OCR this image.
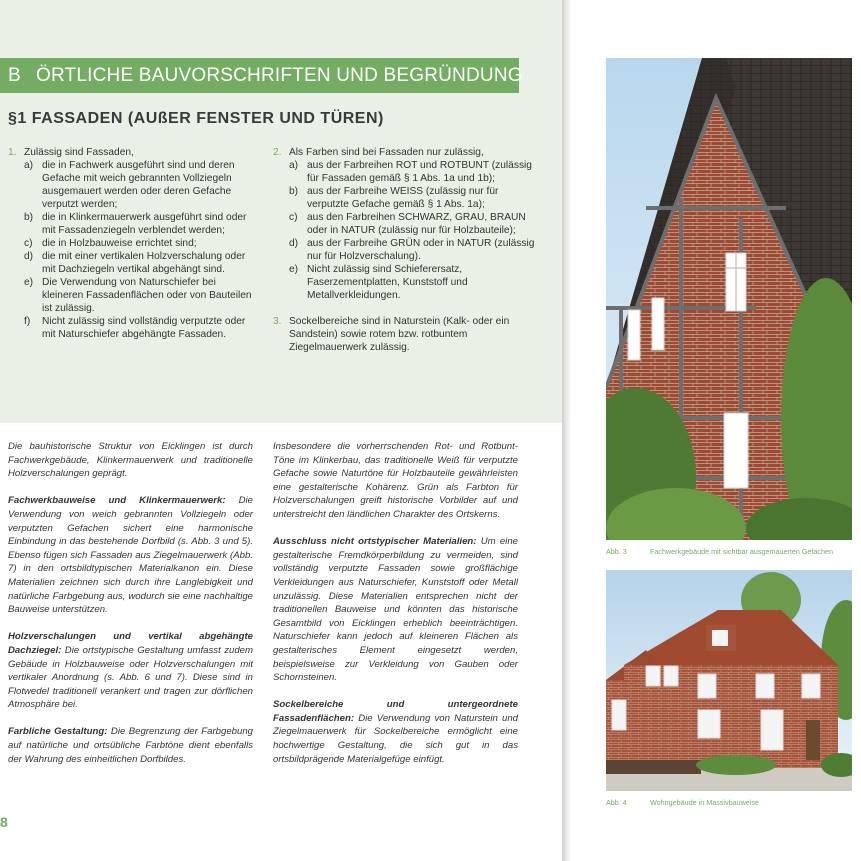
B ÖRTLICHE BAUVORSCHRIFTEN UND BEGRÜNDUNG
§1 FASSADEN (AUßER FENSTER UND TÜREN)
1. Zulässig sind Fassaden,
a) die in Fachwerk ausgeführt sind und deren Gefache mit weich gebrannten Vollziegeln ausgemauert werden oder deren Gefache verputzt werden;
b) die in Klinkermauerwerk ausgeführt sind oder mit Fassadenziegeln verblendet werden;
c) die in Holzbauweise errichtet sind;
d) die mit einer vertikalen Holzverschalung oder mit Dachziegeln vertikal abgehängt sind.
e) Die Verwendung von Naturschiefer bei kleineren Fassadenflächen oder von Bauteilen ist zulässig.
f) Nicht zulässig sind vollständig verputzte oder mit Naturschiefer abgehängte Fassaden.
2. Als Farben sind bei Fassaden nur zulässig,
a) aus der Farbreihen ROT und ROTBUNT (zulässig für Fassaden gemäß § 1 Abs. 1a und 1b);
b) aus der Farbreihe WEISS (zulässig nur für verputzte Gefache gemäß § 1 Abs. 1a);
c) aus den Farbreihen SCHWARZ, GRAU, BRAUN oder in NATUR (zulässig nur für Holzbauteile);
d) aus der Farbreihe GRÜN oder in NATUR (zulässig nur für Holzverschalung).
e) Nicht zulässig sind Schieferersatz, Faserzementplatten, Kunststoff und Metallverkleidungen.
3. Sockelbereiche sind in Naturstein (Kalk- oder ein Sandstein) sowie rotem bzw. rotbuntem Ziegelmauerwerk zulässig.

Die bauhistorische Struktur von Eicklingen ist durch Fachwerkgebäude, Klinkermauerwerk und traditionelle Holzverschalungen geprägt.

Fachwerkbauweise und Klinkermauerwerk: Die Verwendung von weich gebrannten Vollziegeln oder verputzten Gefachen sichert eine harmonische Einbindung in das bestehende Dorfbild (s. Abb. 3 und 5). Ebenso fügen sich Fassaden aus Ziegelmauerwerk (Abb. 7) in den ortsbildtypischen Materialkanon ein. Diese Materialien zeichnen sich durch ihre Langlebigkeit und natürliche Farbgebung aus, wodurch sie eine nachhaltige Bauweise unterstützen.

Holzverschalungen und vertikal abgehängte Dachziegel: Die ortstypische Gestaltung umfasst zudem Gebäude in Holzbauweise oder Holzverschalungen mit vertikaler Anordnung (s. Abb. 6 und 7). Diese sind in Flotwedel traditionell verankert und tragen zur dörflichen Atmosphäre bei.

Farbliche Gestaltung: Die Begrenzung der Farbgebung auf natürliche und ortsübliche Farbtöne dient ebenfalls der Wahrung des einheitlichen Dorfbildes.

Insbesondere die vorherrschenden Rot- und Rotbunt-Töne im Klinkerbau, das traditionelle Weiß für verputzte Gefache sowie Naturtöne für Holzbauteile gewährleisten eine gestalterische Kohärenz. Grün als Farbton für Holzverschalungen greift historische Vorbilder auf und unterstreicht den ländlichen Charakter des Ortskerns.

Ausschluss nicht ortstypischer Materialien: Um eine gestalterische Fremdkörperbildung zu vermeiden, sind vollständig verputzte Fassaden sowie großflächige Verkleidungen aus Naturschiefer, Kunststoff oder Metall unzulässig. Diese Materialien entsprechen nicht der traditionellen Bauweise und könnten das historische Gesamtbild von Eicklingen erheblich beeinträchtigen. Naturschiefer kann jedoch auf kleineren Flächen als gestalterisches Element eingesetzt werden, beispielsweise zur Verkleidung von Gauben oder Schornsteinen.

Sockelbereiche und untergeordnete Fassadenflächen: Die Verwendung von Naturstein und Ziegelmauerwerk für Sockelbereiche ermöglicht eine hochwertige Gestaltung, die sich gut in das ortsbildprägende Materialgefüge einfügt.

8
Abb. 3	Fachwerkgebäude mit sichtbar ausgemauerten Gefachen
Abb. 4	Wohngebäude in Massivbauweise
